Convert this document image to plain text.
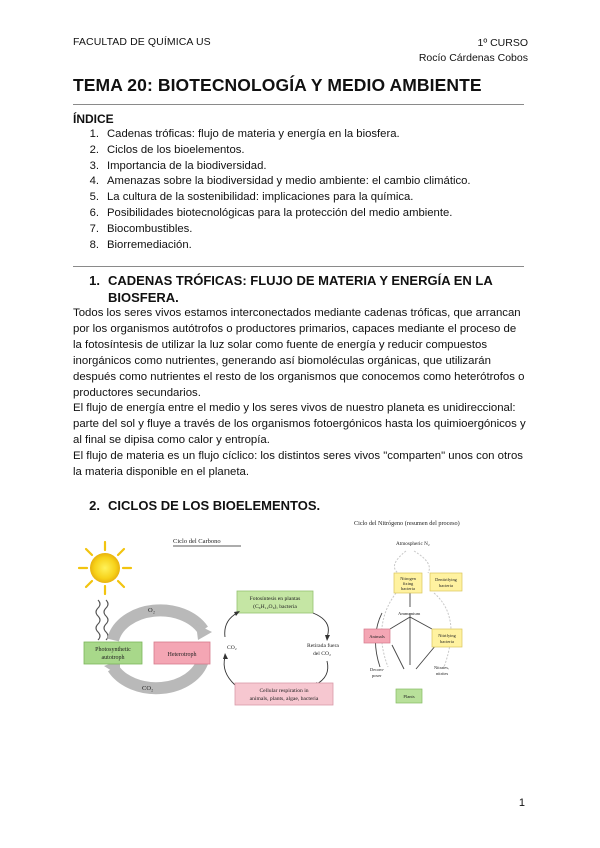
FACULTAD DE QUÍMICA US	1º CURSO
Rocío Cárdenas Cobos
TEMA 20: BIOTECNOLOGÍA Y MEDIO AMBIENTE
ÍNDICE
1. Cadenas tróficas: flujo de materia y energía en la biosfera.
2. Ciclos de los bioelementos.
3. Importancia de la biodiversidad.
4. Amenazas sobre la biodiversidad y medio ambiente: el cambio climático.
5. La cultura de la sostenibilidad: implicaciones para la química.
6. Posibilidades biotecnológicas para la protección del medio ambiente.
7. Biocombustibles.
8. Biorremediación.
1. CADENAS TRÓFICAS: FLUJO DE MATERIA Y ENERGÍA EN LA
BIOSFERA.

Todos los seres vivos estamos interconectados mediante cadenas tróficas, que arrancan por los organismos autótrofos o productores primarios, capaces mediante el proceso de la fotosíntesis de utilizar la luz solar como fuente de energía y reducir compuestos inorgánicos como nutrientes, generando así biomoléculas orgánicas, que utilizarán después como nutrientes el resto de los organismos que conocemos como heterótrofos o productores secundarios.

El flujo de energía entre el medio y los seres vivos de nuestro planeta es unidireccional: parte del sol y fluye a través de los organismos fotoergónicos hasta los quimioergónicos y al final se dipisa como calor y entropía.

El flujo de materia es un flujo cíclico: los distintos seres vivos "comparten" unos con otros la materia disponible en el planeta.

2. CICLOS DE LOS BIOELEMENTOS.
O₂
Organic products
Photosynthetic
autotroph	Heterotroph
CO₂
Ciclo del Carbono
Fotosíntesis en plantas
(C₆H₁₂O₆), bacteria
CO₂	Retirada fuera
del CO₂
Cellular respiration in
animals, plants, algae, bacteria
Ciclo del Nitrógeno (resumen del proceso)
Atmospheric N₂
Nitrogen
fixing
bacteria
Denitrifying
bacteria
Ammonium
Animals	Nitrifying
bacteria
Decom-
poser
Nitrates,
nitrites
Plants
1
